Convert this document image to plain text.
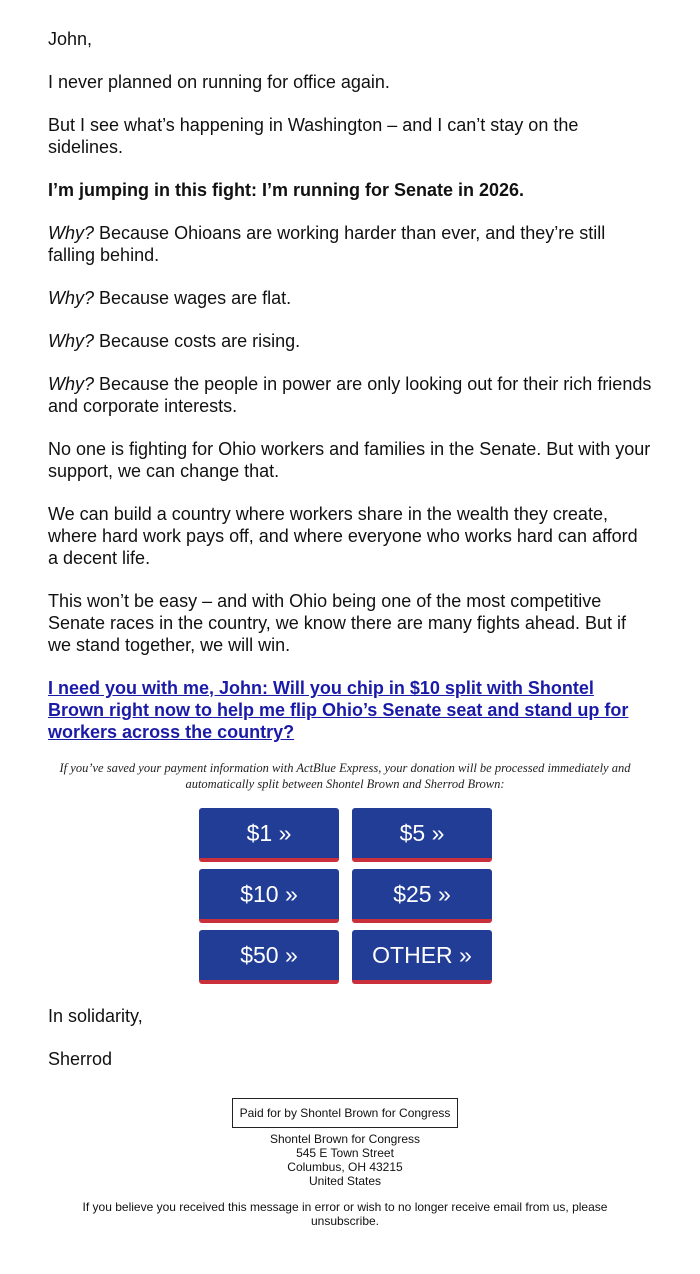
John,

I never planned on running for office again.

But I see what’s happening in Washington – and I can’t stay on the sidelines.

I’m jumping in this fight: I’m running for Senate in 2026.

Why? Because Ohioans are working harder than ever, and they’re still falling behind.

Why? Because wages are flat.

Why? Because costs are rising.

Why? Because the people in power are only looking out for their rich friends and corporate interests.

No one is fighting for Ohio workers and families in the Senate. But with your support, we can change that.

We can build a country where workers share in the wealth they create, where hard work pays off, and where everyone who works hard can afford a decent life.

This won’t be easy – and with Ohio being one of the most competitive Senate races in the country, we know there are many fights ahead. But if we stand together, we will win.

I need you with me, John: Will you chip in $10 split with Shontel Brown right now to help me flip Ohio’s Senate seat and stand up for workers across the country?
If you’ve saved your payment information with ActBlue Express, your donation will be processed immediately and automatically split between Shontel Brown and Sherrod Brown:
$1 »	$5 »
$10 »	$25 »
$50 »	OTHER »
In solidarity,
Sherrod
Paid for by Shontel Brown for Congress
Shontel Brown for Congress
545 E Town Street
Columbus, OH 43215
United States
If you believe you received this message in error or wish to no longer receive email from us, please unsubscribe.
